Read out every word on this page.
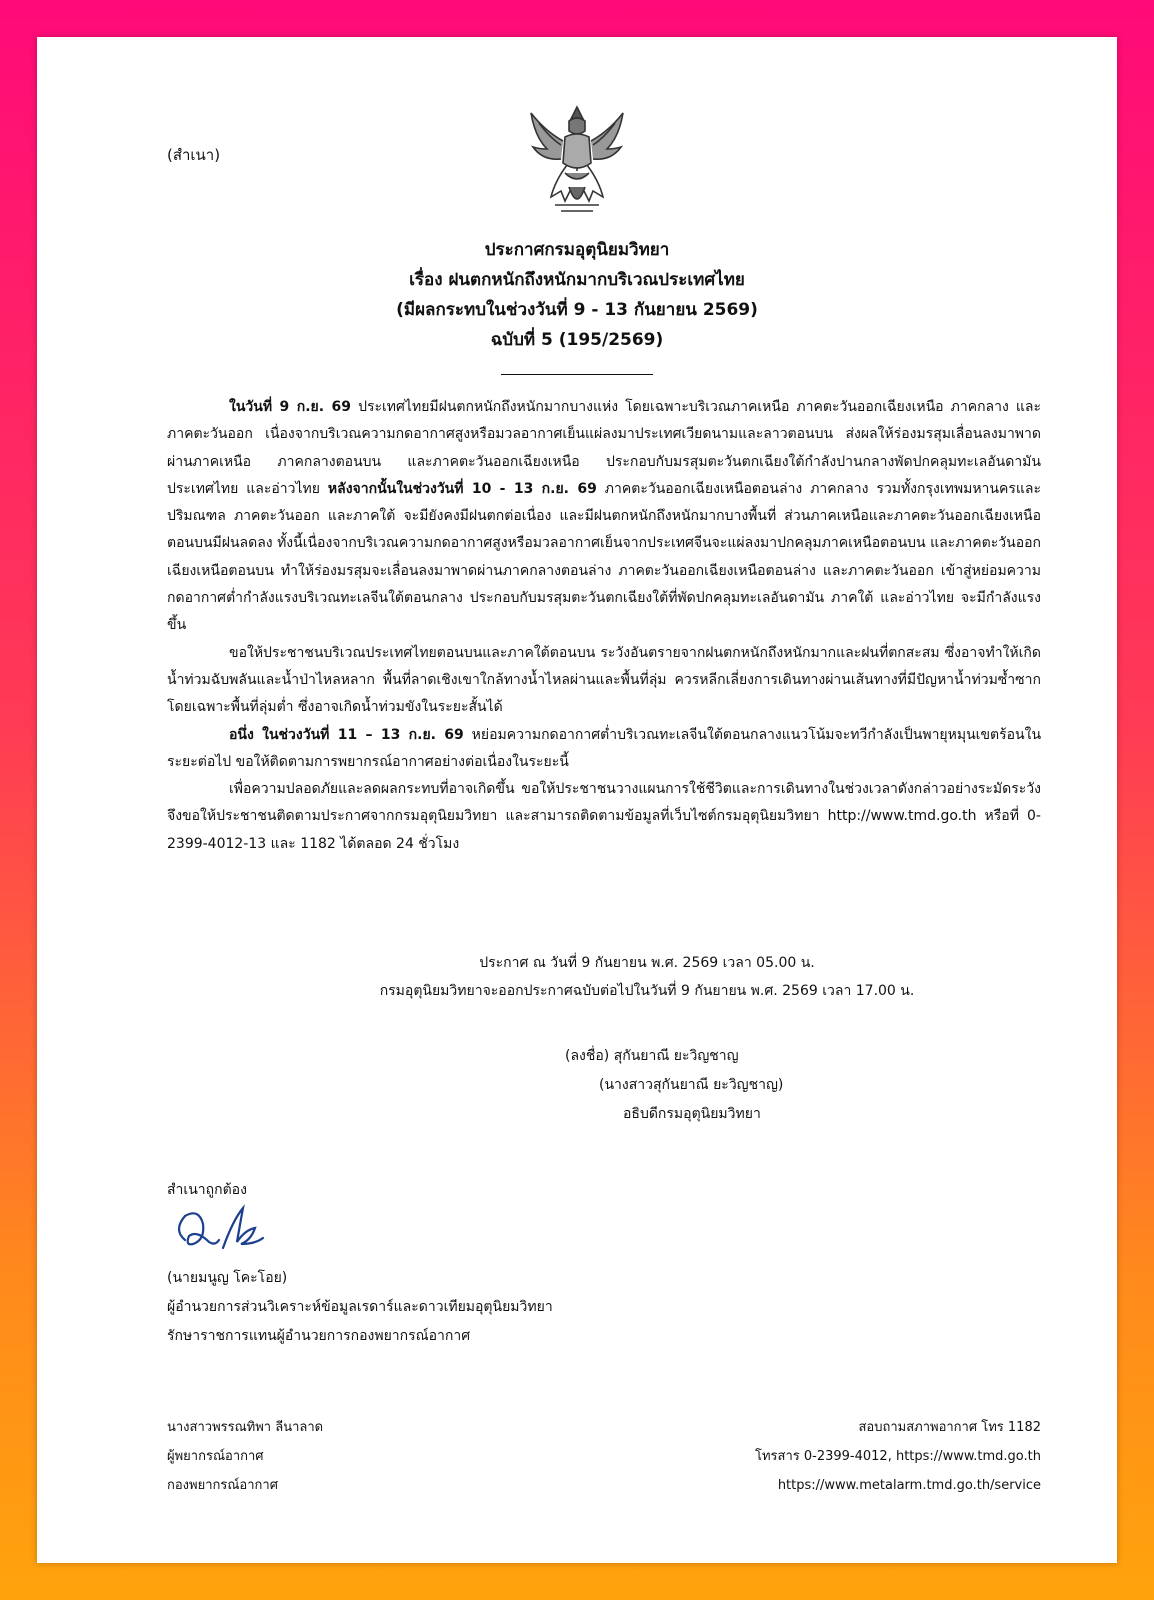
(สำเนา)
ประกาศกรมอุตุนิยมวิทยา
เรื่อง ฝนตกหนักถึงหนักมากบริเวณประเทศไทย
(มีผลกระทบในช่วงวันที่ 9 - 13 กันยายน 2569)
ฉบับที่ 5 (195/2569)

ในวันที่ 9 ก.ย. 69 ประเทศไทยมีฝนตกหนักถึงหนักมากบางแห่ง โดยเฉพาะบริเวณภาคเหนือ ภาคตะวันออกเฉียงเหนือ ภาคกลาง และภาคตะวันออก เนื่องจากบริเวณความกดอากาศสูงหรือมวลอากาศเย็นแผ่ลงมาประเทศเวียดนามและลาวตอนบน ส่งผลให้ร่องมรสุมเลื่อนลงมาพาดผ่านภาคเหนือ ภาคกลางตอนบน และภาคตะวันออกเฉียงเหนือ ประกอบกับมรสุมตะวันตกเฉียงใต้กำลังปานกลางพัดปกคลุมทะเลอันดามัน ประเทศไทย และอ่าวไทย หลังจากนั้นในช่วงวันที่ 10 - 13 ก.ย. 69 ภาคตะวันออกเฉียงเหนือตอนล่าง ภาคกลาง รวมทั้งกรุงเทพมหานครและปริมณฑล ภาคตะวันออก และภาคใต้ จะมียังคงมีฝนตกต่อเนื่อง และมีฝนตกหนักถึงหนักมากบางพื้นที่ ส่วนภาคเหนือและภาคตะวันออกเฉียงเหนือตอนบนมีฝนลดลง ทั้งนี้เนื่องจากบริเวณความกดอากาศสูงหรือมวลอากาศเย็นจากประเทศจีนจะแผ่ลงมาปกคลุมภาคเหนือตอนบน และภาคตะวันออกเฉียงเหนือตอนบน ทำให้ร่องมรสุมจะเลื่อนลงมาพาดผ่านภาคกลางตอนล่าง ภาคตะวันออกเฉียงเหนือตอนล่าง และภาคตะวันออก เข้าสู่หย่อมความกดอากาศต่ำกำลังแรงบริเวณทะเลจีนใต้ตอนกลาง ประกอบกับมรสุมตะวันตกเฉียงใต้ที่พัดปกคลุมทะเลอันดามัน ภาคใต้ และอ่าวไทย จะมีกำลังแรงขึ้น

ขอให้ประชาชนบริเวณประเทศไทยตอนบนและภาคใต้ตอนบน ระวังอันตรายจากฝนตกหนักถึงหนักมากและฝนที่ตกสะสม ซึ่งอาจทำให้เกิดน้ำท่วมฉับพลันและน้ำป่าไหลหลาก พื้นที่ลาดเชิงเขาใกล้ทางน้ำไหลผ่านและพื้นที่ลุ่ม ควรหลีกเลี่ยงการเดินทางผ่านเส้นทางที่มีปัญหาน้ำท่วมซ้ำซาก โดยเฉพาะพื้นที่ลุ่มต่ำ ซึ่งอาจเกิดน้ำท่วมขังในระยะสั้นได้

อนึ่ง ในช่วงวันที่ 11 – 13 ก.ย. 69 หย่อมความกดอากาศต่ำบริเวณทะเลจีนใต้ตอนกลางแนวโน้มจะทวีกำลังเป็นพายุหมุนเขตร้อนในระยะต่อไป ขอให้ติดตามการพยากรณ์อากาศอย่างต่อเนื่องในระยะนี้

เพื่อความปลอดภัยและลดผลกระทบที่อาจเกิดขึ้น ขอให้ประชาชนวางแผนการใช้ชีวิตและการเดินทางในช่วงเวลาดังกล่าวอย่างระมัดระวัง จึงขอให้ประชาชนติดตามประกาศจากกรมอุตุนิยมวิทยา และสามารถติดตามข้อมูลที่เว็บไซต์กรมอุตุนิยมวิทยา http://www.tmd.go.th หรือที่ 0-2399-4012-13 และ 1182 ได้ตลอด 24 ชั่วโมง

ประกาศ ณ วันที่ 9 กันยายน พ.ศ. 2569 เวลา 05.00 น.
กรมอุตุนิยมวิทยาจะออกประกาศฉบับต่อไปในวันที่ 9 กันยายน พ.ศ. 2569 เวลา 17.00 น.
(ลงชื่อ) สุกันยาณี ยะวิญชาญ
(นางสาวสุกันยาณี ยะวิญชาญ)
อธิบดีกรมอุตุนิยมวิทยา
สำเนาถูกต้อง
(นายมนูญ โคะโอย)
ผู้อำนวยการส่วนวิเคราะห์ข้อมูลเรดาร์และดาวเทียมอุตุนิยมวิทยา
รักษาราชการแทนผู้อำนวยการกองพยากรณ์อากาศ
นางสาวพรรณทิพา ลีนาลาด
ผู้พยากรณ์อากาศ
กองพยากรณ์อากาศ
สอบถามสภาพอากาศ โทร 1182
โทรสาร 0-2399-4012, https://www.tmd.go.th
https://www.metalarm.tmd.go.th/service
